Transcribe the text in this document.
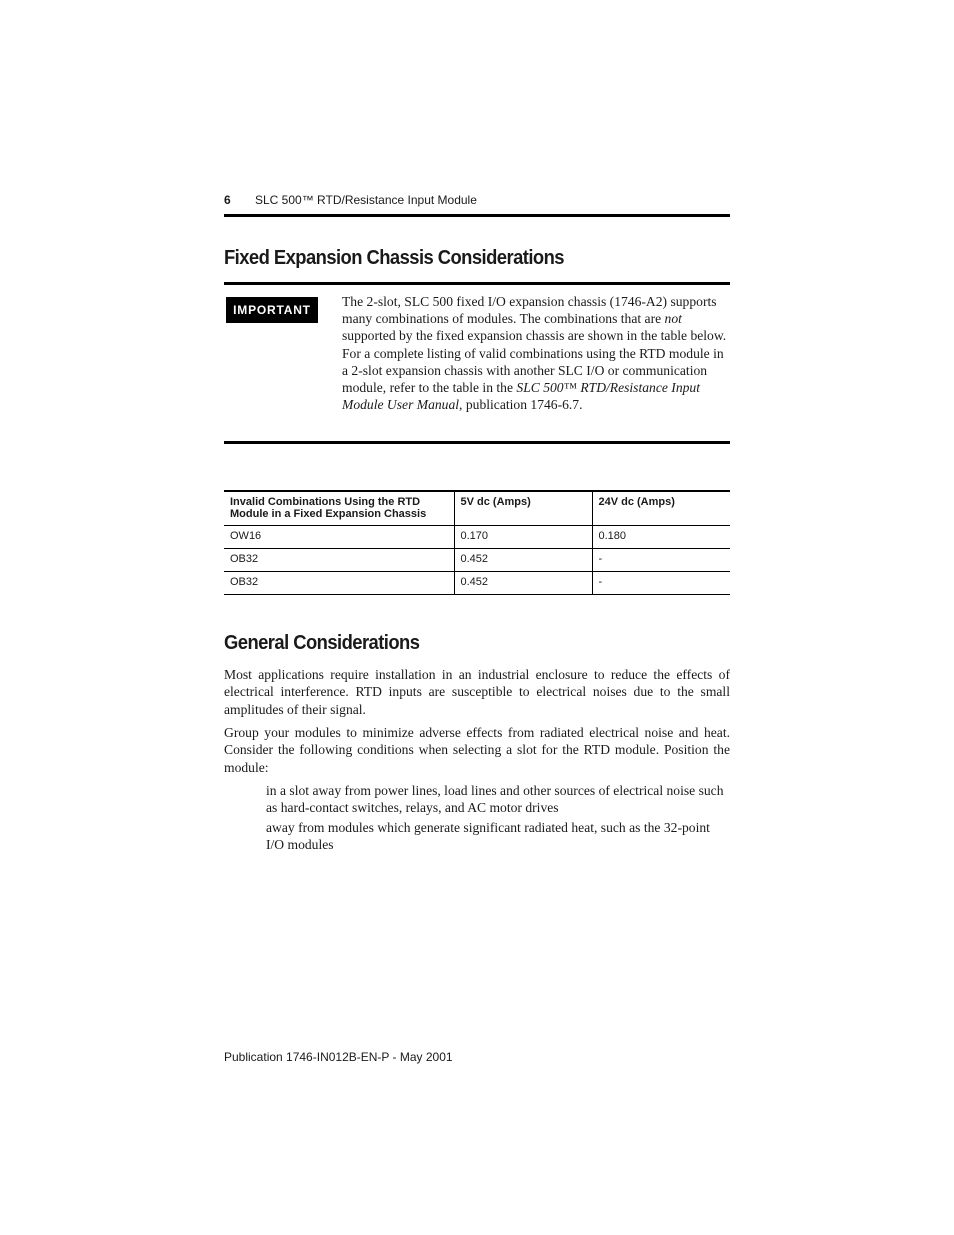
6 SLC 500™ RTD/Resistance Input Module
Fixed Expansion Chassis Considerations
IMPORTANT

The 2-slot, SLC 500 fixed I/O expansion chassis (1746-A2) supports many combinations of modules. The combinations that are not supported by the fixed expansion chassis are shown in the table below. For a complete listing of valid combinations using the RTD module in a 2-slot expansion chassis with another SLC I/O or communication module, refer to the table in the SLC 500™ RTD/Resistance Input Module User Manual, publication 1746-6.7.

Invalid Combinations Using the RTD Module in a Fixed Expansion Chassis	5V dc (Amps)	24V dc (Amps)
OW16	0.170	0.180
OB32	0.452	-
OB32	0.452	-
General Considerations

Most applications require installation in an industrial enclosure to reduce the effects of electrical interference. RTD inputs are susceptible to electrical noises due to the small amplitudes of their signal.

Group your modules to minimize adverse effects from radiated electrical noise and heat. Consider the following conditions when selecting a slot for the RTD module. Position the module:

in a slot away from power lines, load lines and other sources of electrical noise such as hard-contact switches, relays, and AC motor drives

away from modules which generate significant radiated heat, such as the 32-point I/O modules

Publication 1746-IN012B-EN-P - May 2001
